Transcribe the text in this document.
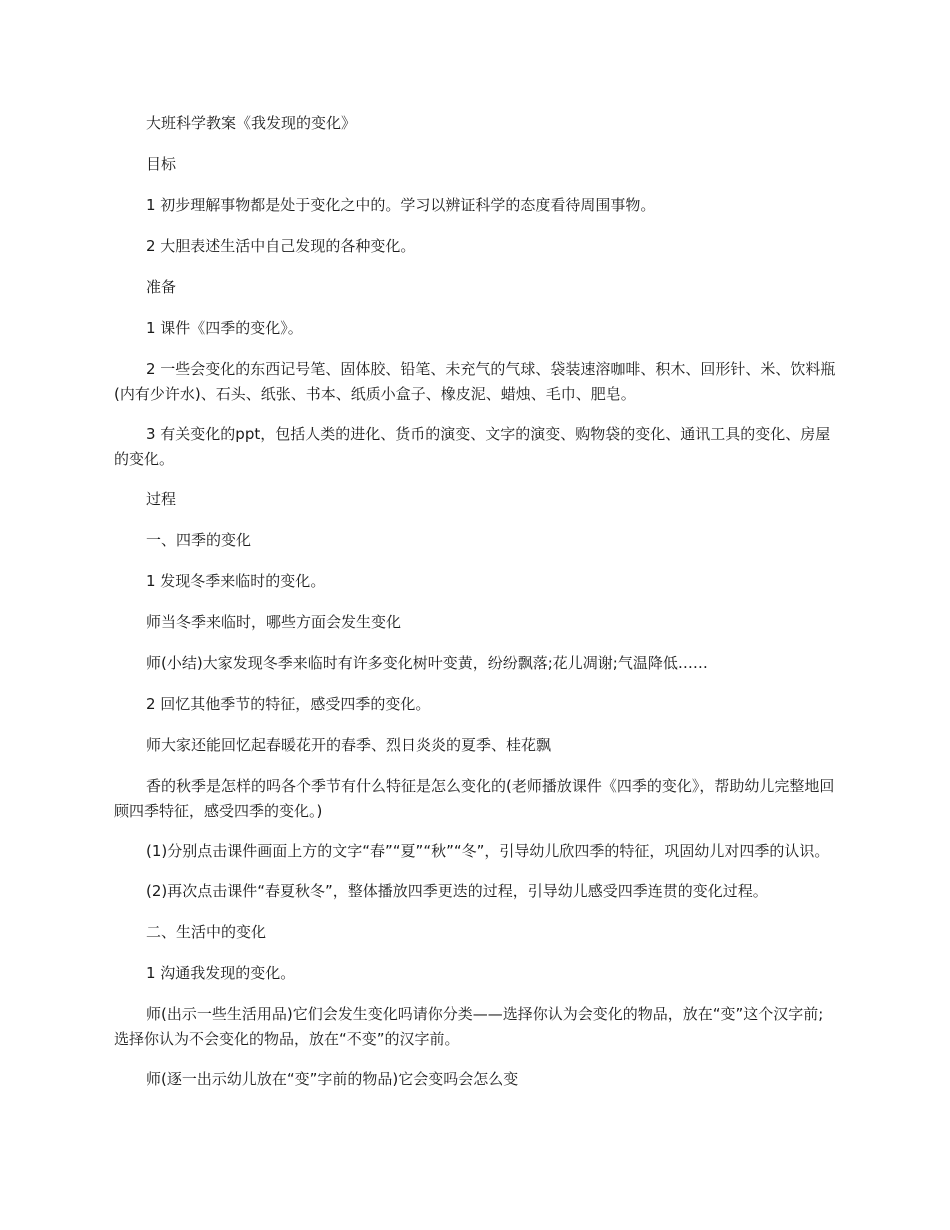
大班科学教案《我发现的变化》

目标

1 初步理解事物都是处于变化之中的。学习以辨证科学的态度看待周围事物。

2 大胆表述生活中自己发现的各种变化。

准备

1 课件《四季的变化》。

2 一些会变化的东西记号笔、固体胶、铅笔、未充气的气球、袋装速溶咖啡、积木、回形针、米、饮料瓶(内有少许水)、石头、纸张、书本、纸质小盒子、橡皮泥、蜡烛、毛巾、肥皂。

3 有关变化的ppt，包括人类的进化、货币的演变、文字的演变、购物袋的变化、通讯工具的变化、房屋的变化。

过程

一、四季的变化

1 发现冬季来临时的变化。

师当冬季来临时，哪些方面会发生变化

师(小结)大家发现冬季来临时有许多变化树叶变黄，纷纷飘落;花儿凋谢;气温降低……

2 回忆其他季节的特征，感受四季的变化。

师大家还能回忆起春暖花开的春季、烈日炎炎的夏季、桂花飘

香的秋季是怎样的吗各个季节有什么特征是怎么变化的(老师播放课件《四季的变化》，帮助幼儿完整地回顾四季特征，感受四季的变化。)

(1)分别点击课件画面上方的文字“春”“夏”“秋”“冬”，引导幼儿欣四季的特征，巩固幼儿对四季的认识。

(2)再次点击课件“春夏秋冬”，整体播放四季更迭的过程，引导幼儿感受四季连贯的变化过程。

二、生活中的变化

1 沟通我发现的变化。

师(出示一些生活用品)它们会发生变化吗请你分类——选择你认为会变化的物品，放在“变”这个汉字前;选择你认为不会变化的物品，放在“不变”的汉字前。

师(逐一出示幼儿放在“变”字前的物品)它会变吗会怎么变
